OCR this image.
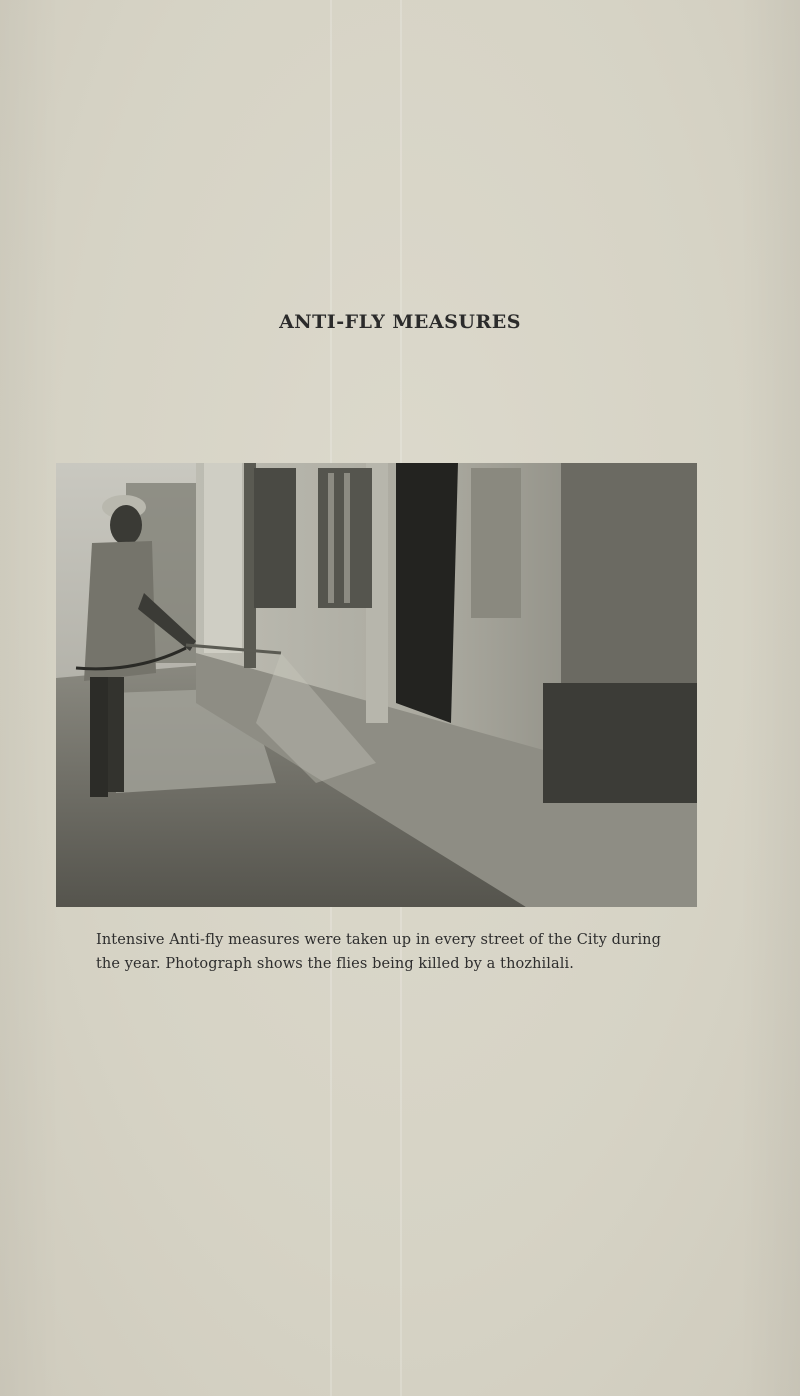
ANTI-FLY MEASURES
Intensive Anti-fly measures were taken up in every street of the City during
the year. Photograph shows the flies being killed by a thozhilali.
